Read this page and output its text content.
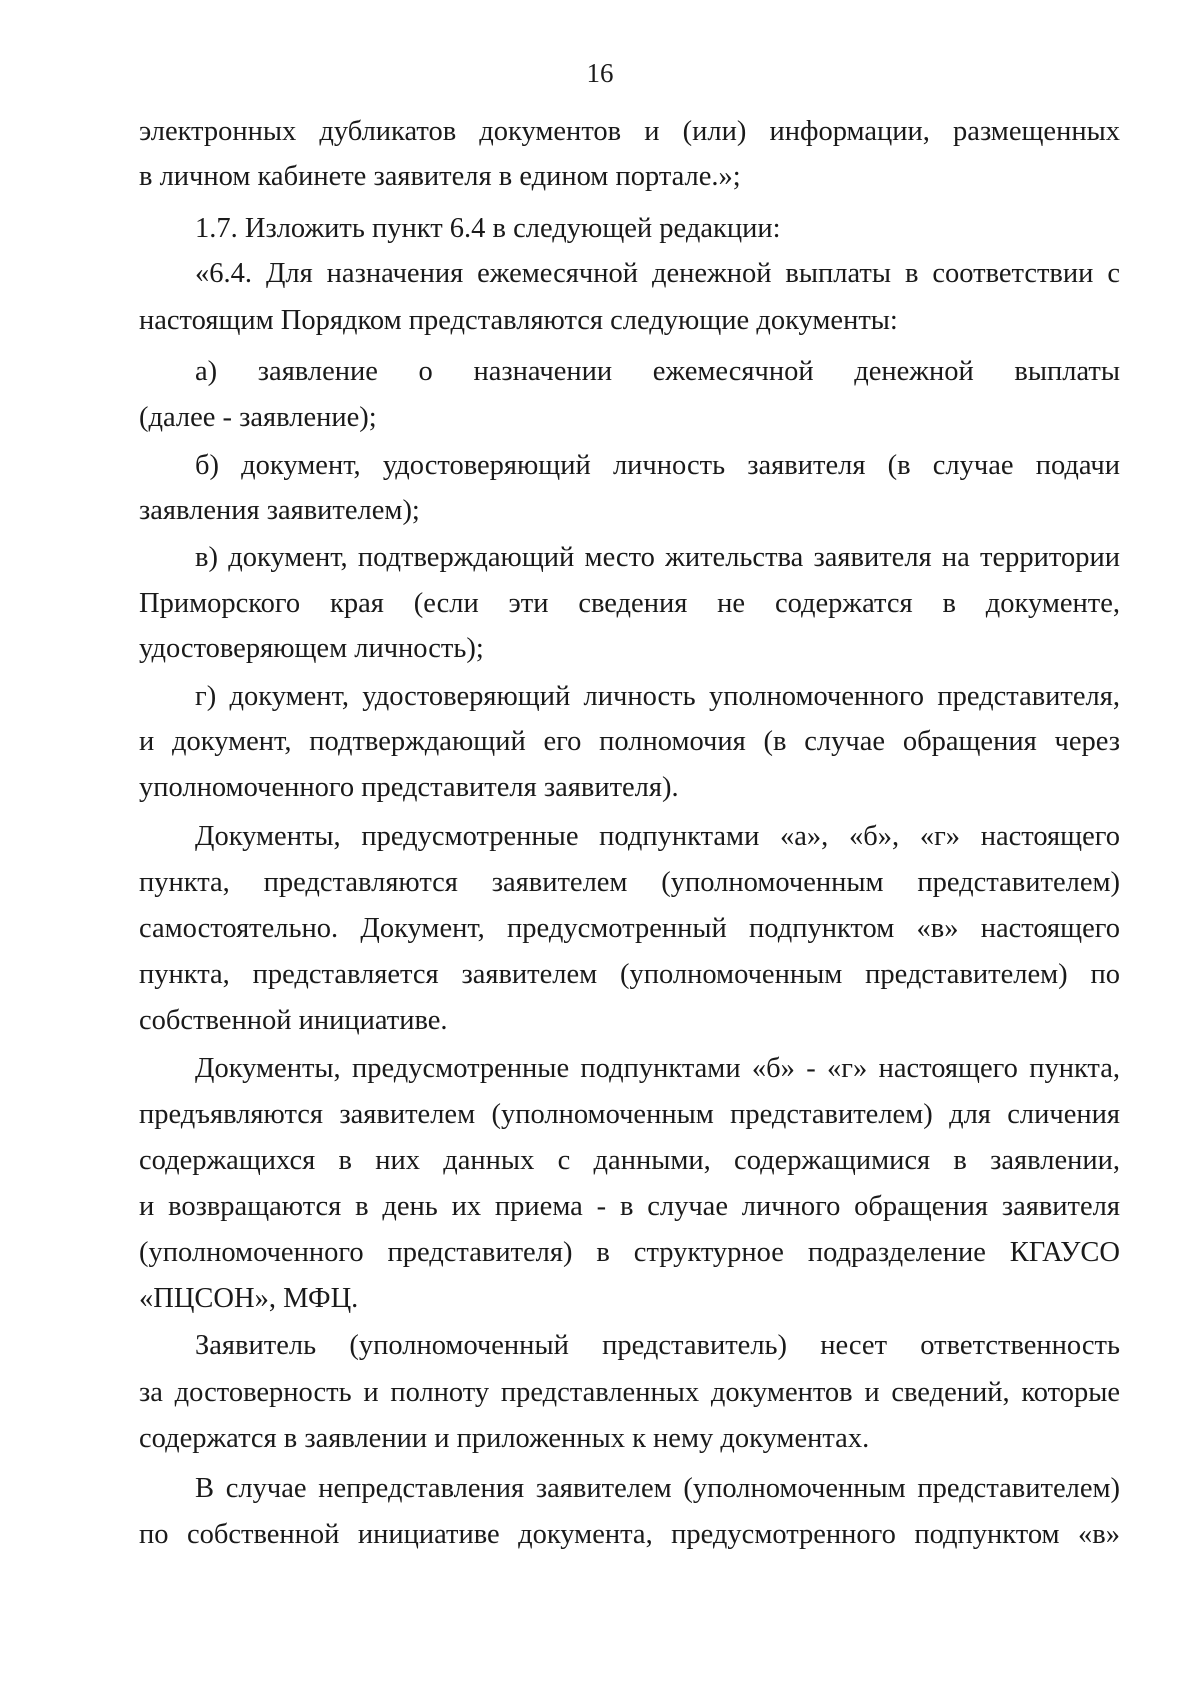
16
электронных дубликатов документов и (или) информации, размещенных
в личном кабинете заявителя в едином портале.»;
1.7. Изложить пункт 6.4 в следующей редакции:
«6.4. Для назначения ежемесячной денежной выплаты в соответствии с
настоящим Порядком представляются следующие документы:
а) заявление о назначении ежемесячной денежной выплаты
(далее - заявление);
б) документ, удостоверяющий личность заявителя (в случае подачи
заявления заявителем);
в) документ, подтверждающий место жительства заявителя на территории
Приморского края (если эти сведения не содержатся в документе,
удостоверяющем личность);
г) документ, удостоверяющий личность уполномоченного представителя,
и документ, подтверждающий его полномочия (в случае обращения через
уполномоченного представителя заявителя).
Документы, предусмотренные подпунктами «а», «б», «г» настоящего
пункта, представляются заявителем (уполномоченным представителем)
самостоятельно. Документ, предусмотренный подпунктом «в» настоящего
пункта, представляется заявителем (уполномоченным представителем) по
собственной инициативе.
Документы, предусмотренные подпунктами «б» - «г» настоящего пункта,
предъявляются заявителем (уполномоченным представителем) для сличения
содержащихся в них данных с данными, содержащимися в заявлении,
и возвращаются в день их приема - в случае личного обращения заявителя
(уполномоченного представителя) в структурное подразделение КГАУСО
«ПЦСОН», МФЦ.
Заявитель (уполномоченный представитель) несет ответственность
за достоверность и полноту представленных документов и сведений, которые
содержатся в заявлении и приложенных к нему документах.
В случае непредставления заявителем (уполномоченным представителем)
по собственной инициативе документа, предусмотренного подпунктом «в»
